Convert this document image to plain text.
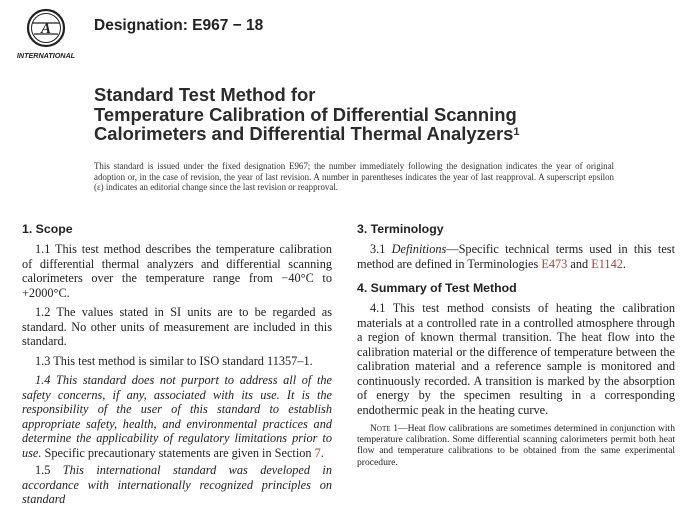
A
INTERNATIONAL
Designation: E967 − 18
Standard Test Method for
Temperature Calibration of Differential Scanning
Calorimeters and Differential Thermal Analyzers$^1$
This standard is issued under the fixed designation E967; the number immediately following the designation indicates the year of original adoption or, in the case of revision, the year of last revision. A number in parentheses indicates the year of last reapproval. A superscript epsilon (ε) indicates an editorial change since the last revision or reapproval.
1. Scope

1.1 This test method describes the temperature calibration of differential thermal analyzers and differential scanning calorimeters over the temperature range from −40°C to +2000°C.

1.2 The values stated in SI units are to be regarded as standard. No other units of measurement are included in this standard.

1.3 This test method is similar to ISO standard 11357–1.

1.4 This standard does not purport to address all of the safety concerns, if any, associated with its use. It is the responsibility of the user of this standard to establish appropriate safety, health, and environmental practices and determine the applicability of regulatory limitations prior to use. Specific precautionary statements are given in Section 7.

1.5 This international standard was developed in accordance with internationally recognized principles on standard

3. Terminology

3.1 Definitions—Specific technical terms used in this test method are defined in Terminologies E473 and E1142.

4. Summary of Test Method

4.1 This test method consists of heating the calibration materials at a controlled rate in a controlled atmosphere through a region of known thermal transition. The heat flow into the calibration material or the difference of temperature between the calibration material and a reference sample is monitored and continuously recorded. A transition is marked by the absorption of energy by the specimen resulting in a corresponding endothermic peak in the heating curve.

Note 1—Heat flow calibrations are sometimes determined in conjunction with temperature calibration. Some differential scanning calorimeters permit both heat flow and temperature calibrations to be obtained from the same experimental procedure.
